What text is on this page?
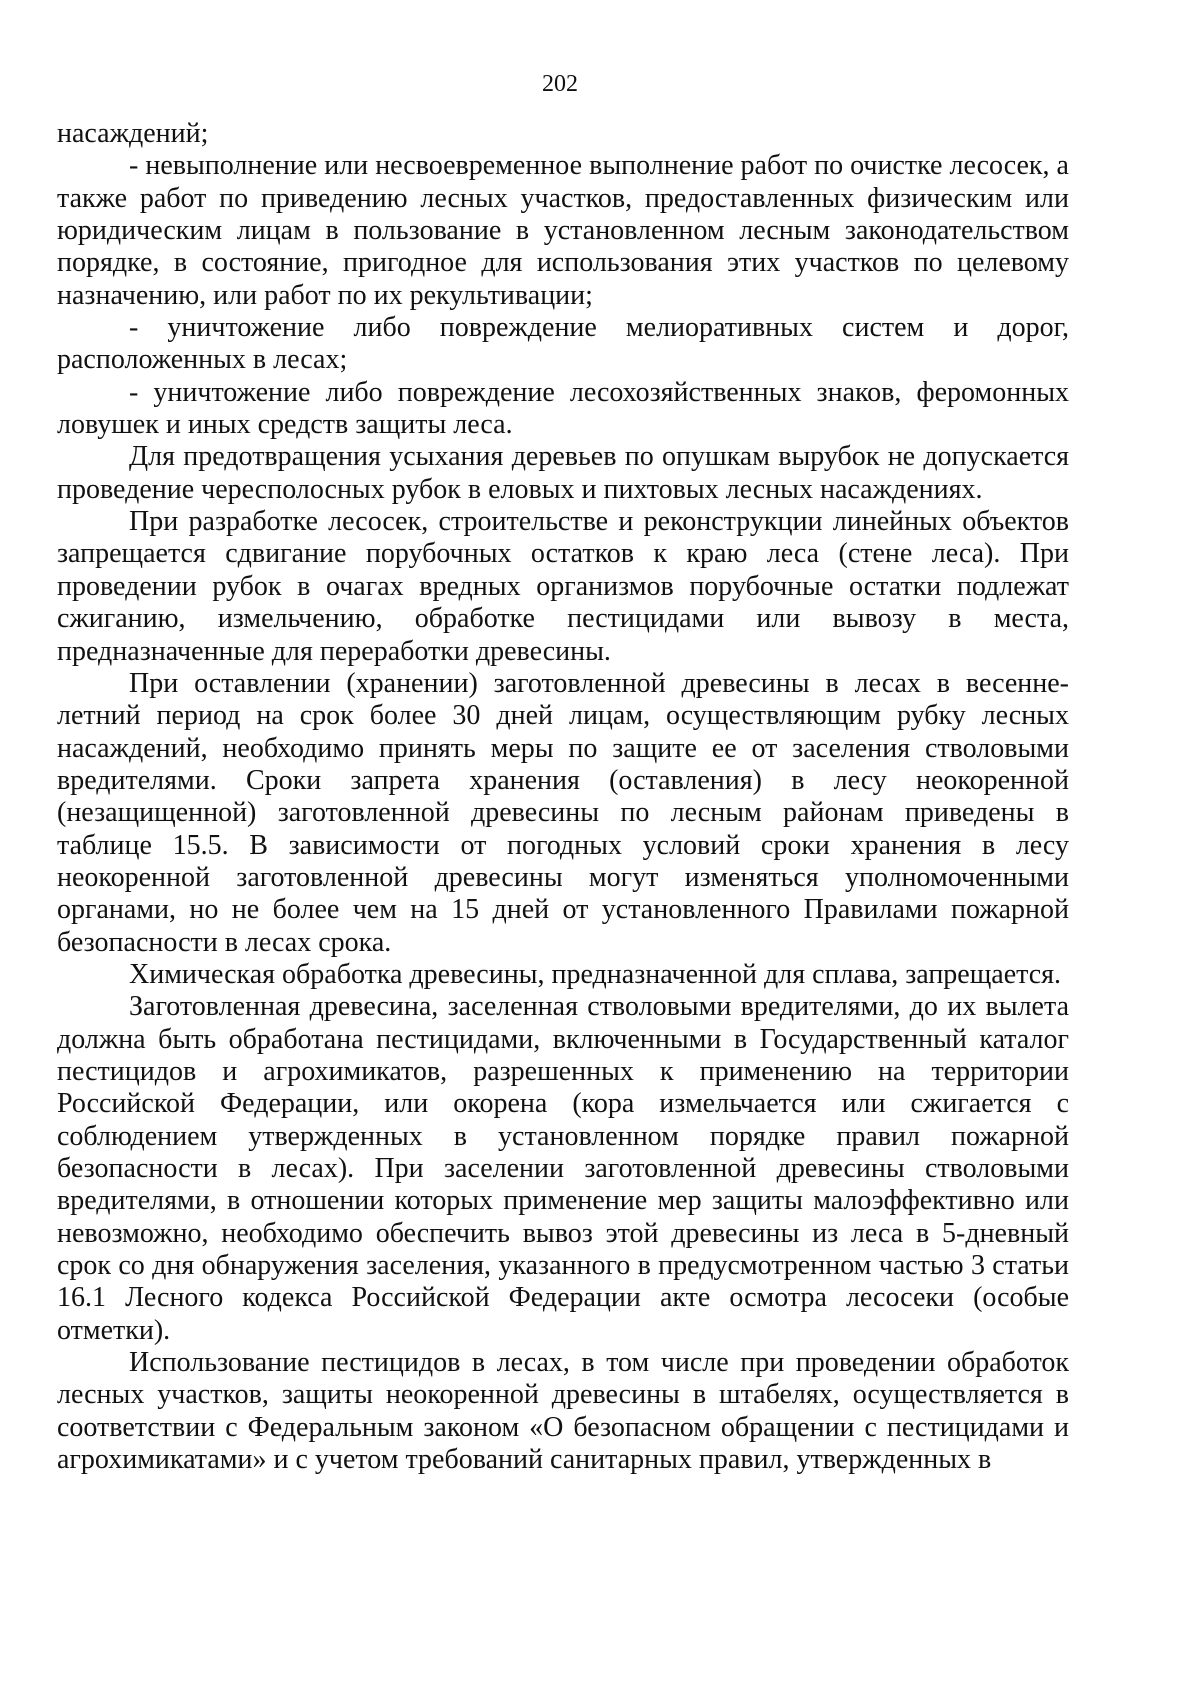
202

насаждений;

- невыполнение или несвоевременное выполнение работ по очистке лесосек, а также работ по приведению лесных участков, предоставленных физическим или юридическим лицам в пользование в установленном лесным законодательством порядке, в состояние, пригодное для использования этих участков по целевому назначению, или работ по их рекультивации;

- уничтожение либо повреждение мелиоративных систем и дорог, расположенных в лесах;

- уничтожение либо повреждение лесохозяйственных знаков, феромонных ловушек и иных средств защиты леса.

Для предотвращения усыхания деревьев по опушкам вырубок не допускается проведение чересполосных рубок в еловых и пихтовых лесных насаждениях.

При разработке лесосек, строительстве и реконструкции линейных объектов запрещается сдвигание порубочных остатков к краю леса (стене леса). При проведении рубок в очагах вредных организмов порубочные остатки подлежат сжиганию, измельчению, обработке пестицидами или вывозу в места, предназначенные для переработки древесины.

При оставлении (хранении) заготовленной древесины в лесах в весенне-летний период на срок более 30 дней лицам, осуществляющим рубку лесных насаждений, необходимо принять меры по защите ее от заселения стволовыми вредителями. Сроки запрета хранения (оставления) в лесу неокоренной (незащищенной) заготовленной древесины по лесным районам приведены в таблице 15.5. В зависимости от погодных условий сроки хранения в лесу неокоренной заготовленной древесины могут изменяться уполномоченными органами, но не более чем на 15 дней от установленного Правилами пожарной безопасности в лесах срока.

Химическая обработка древесины, предназначенной для сплава, запрещается.

Заготовленная древесина, заселенная стволовыми вредителями, до их вылета должна быть обработана пестицидами, включенными в Государственный каталог пестицидов и агрохимикатов, разрешенных к применению на территории Российской Федерации, или окорена (кора измельчается или сжигается с соблюдением утвержденных в установленном порядке правил пожарной безопасности в лесах). При заселении заготовленной древесины стволовыми вредителями, в отношении которых применение мер защиты малоэффективно или невозможно, необходимо обеспечить вывоз этой древесины из леса в 5-дневный срок со дня обнаружения заселения, указанного в предусмотренном частью 3 статьи 16.1 Лесного кодекса Российской Федерации акте осмотра лесосеки (особые отметки).

Использование пестицидов в лесах, в том числе при проведении обработок лесных участков, защиты неокоренной древесины в штабелях, осуществляется в соответствии с Федеральным законом «О безопасном обращении с пестицидами и агрохимикатами» и с учетом требований санитарных правил, утвержденных в
